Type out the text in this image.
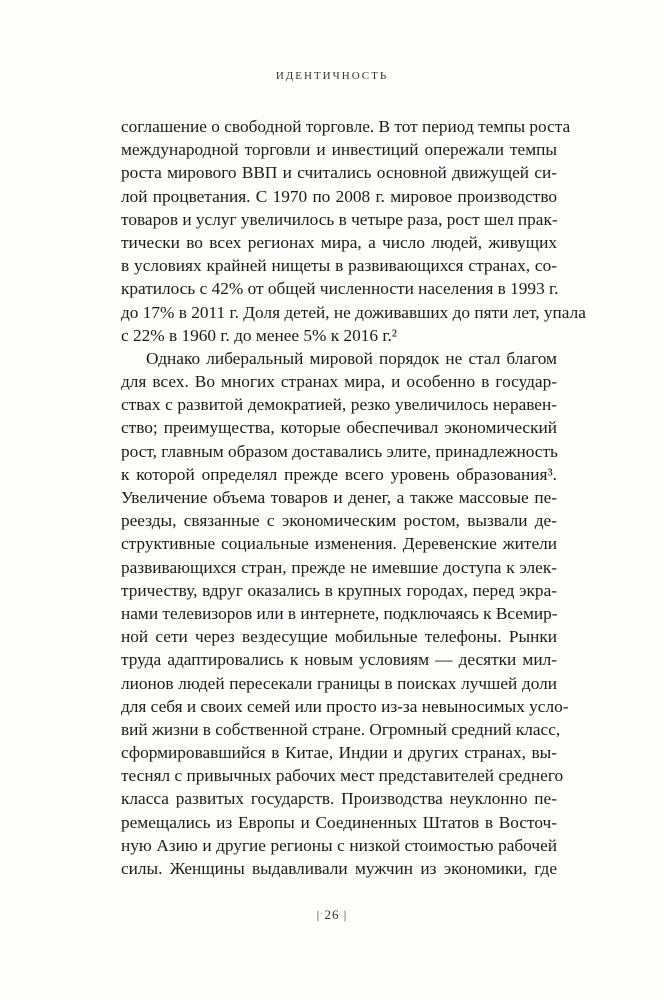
ИДЕНТИЧНОСТЬ
соглашение о свободной торговле. В тот период темпы роста
международной торговли и инвестиций опережали темпы
роста мирового ВВП и считались основной движущей си-
лой процветания. С 1970 по 2008 г. мировое производство
товаров и услуг увеличилось в четыре раза, рост шел прак-
тически во всех регионах мира, а число людей, живущих
в условиях крайней нищеты в развивающихся странах, со-
кратилось с 42% от общей численности населения в 1993 г.
до 17% в 2011 г. Доля детей, не доживавших до пяти лет, упала
с 22% в 1960 г. до менее 5% к 2016 г.²
Однако либеральный мировой порядок не стал благом
для всех. Во многих странах мира, и особенно в государ-
ствах с развитой демократией, резко увеличилось неравен-
ство; преимущества, которые обеспечивал экономический
рост, главным образом доставались элите, принадлежность
к которой определял прежде всего уровень образования³.
Увеличение объема товаров и денег, а также массовые пе-
реезды, связанные с экономическим ростом, вызвали де-
структивные социальные изменения. Деревенские жители
развивающихся стран, прежде не имевшие доступа к элек-
тричеству, вдруг оказались в крупных городах, перед экра-
нами телевизоров или в интернете, подключаясь к Всемир-
ной сети через вездесущие мобильные телефоны. Рынки
труда адаптировались к новым условиям — десятки мил-
лионов людей пересекали границы в поисках лучшей доли
для себя и своих семей или просто из-за невыносимых усло-
вий жизни в собственной стране. Огромный средний класс,
сформировавшийся в Китае, Индии и других странах, вы-
теснял с привычных рабочих мест представителей среднего
класса развитых государств. Производства неуклонно пе-
ремещались из Европы и Соединенных Штатов в Восточ-
ную Азию и другие регионы с низкой стоимостью рабочей
силы. Женщины выдавливали мужчин из экономики, где
| 26 |
